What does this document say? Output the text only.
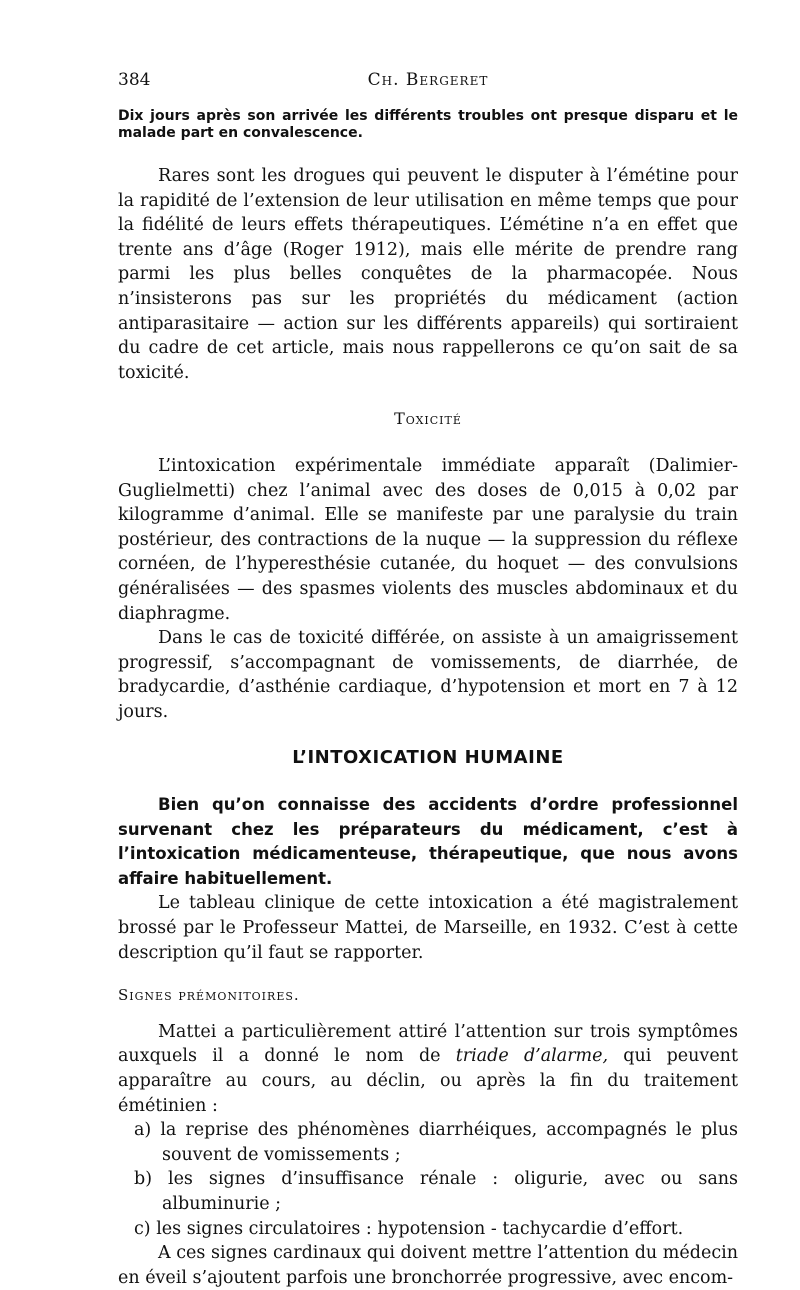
384	Ch. Bergeret

Dix jours après son arrivée les différents troubles ont presque disparu et le malade part en convalescence.

Rares sont les drogues qui peuvent le disputer à l’émétine pour la rapidité de l’extension de leur utilisation en même temps que pour la fidélité de leurs effets thérapeutiques. L’émétine n’a en effet que trente ans d’âge (Roger 1912), mais elle mérite de prendre rang parmi les plus belles conquêtes de la pharmacopée. Nous n’insisterons pas sur les propriétés du médicament (action antiparasitaire — action sur les différents appareils) qui sortiraient du cadre de cet article, mais nous rappellerons ce qu’on sait de sa toxicité.

Toxicité

L’intoxication expérimentale immédiate apparaît (Dalimier-Guglielmetti) chez l’animal avec des doses de 0,015 à 0,02 par kilogramme d’animal. Elle se manifeste par une paralysie du train postérieur, des contractions de la nuque — la suppression du réflexe cornéen, de l’hyperesthésie cutanée, du hoquet — des convulsions généralisées — des spasmes violents des muscles abdominaux et du diaphragme.

Dans le cas de toxicité différée, on assiste à un amaigrissement progressif, s’accompagnant de vomissements, de diarrhée, de bradycardie, d’asthénie cardiaque, d’hypotension et mort en 7 à 12 jours.

L’INTOXICATION HUMAINE

Bien qu’on connaisse des accidents d’ordre professionnel survenant chez les préparateurs du médicament, c’est à l’intoxication médicamenteuse, thérapeutique, que nous avons affaire habituellement.

Le tableau clinique de cette intoxication a été magistralement brossé par le Professeur Mattei, de Marseille, en 1932. C’est à cette description qu’il faut se rapporter.

Signes prémonitoires.

Mattei a particulièrement attiré l’attention sur trois symptômes auxquels il a donné le nom de triade d’alarme, qui peuvent apparaître au cours, au déclin, ou après la fin du traitement émétinien :

a) la reprise des phénomènes diarrhéiques, accompagnés le plus souvent de vomissements ;
b) les signes d’insuffisance rénale : oligurie, avec ou sans albuminurie ;
c) les signes circulatoires : hypotension - tachycardie d’effort.

A ces signes cardinaux qui doivent mettre l’attention du médecin en éveil s’ajoutent parfois une bronchorrée progressive, avec encom-
